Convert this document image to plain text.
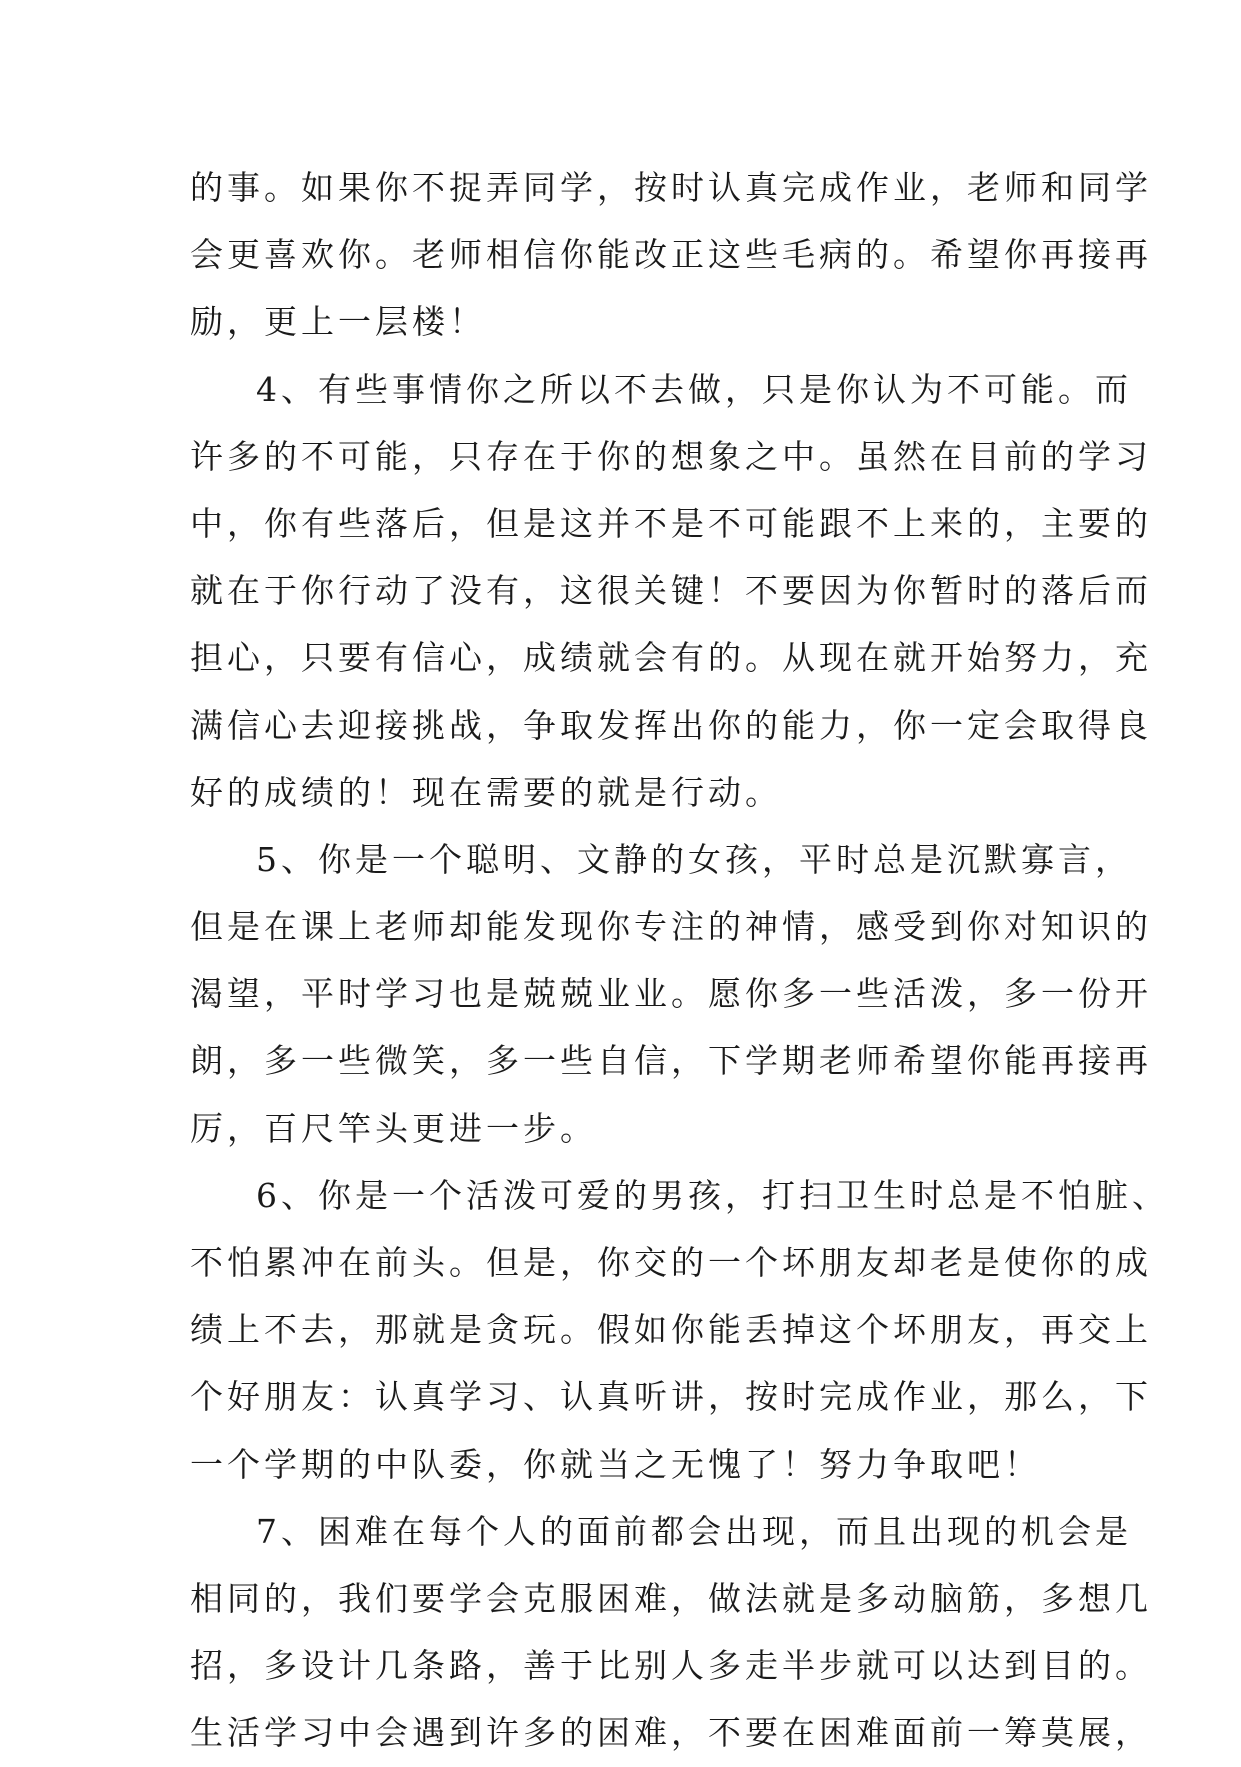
的事。如果你不捉弄同学，按时认真完成作业，老师和同学
会更喜欢你。老师相信你能改正这些毛病的。希望你再接再
励，更上一层楼！
4、有些事情你之所以不去做，只是你认为不可能。而
许多的不可能，只存在于你的想象之中。虽然在目前的学习
中，你有些落后，但是这并不是不可能跟不上来的，主要的
就在于你行动了没有，这很关键！不要因为你暂时的落后而
担心，只要有信心，成绩就会有的。从现在就开始努力，充
满信心去迎接挑战，争取发挥出你的能力，你一定会取得良
好的成绩的！现在需要的就是行动。
5、你是一个聪明、文静的女孩，平时总是沉默寡言，
但是在课上老师却能发现你专注的神情，感受到你对知识的
渴望，平时学习也是兢兢业业。愿你多一些活泼，多一份开
朗，多一些微笑，多一些自信，下学期老师希望你能再接再
厉，百尺竿头更进一步。
6、你是一个活泼可爱的男孩，打扫卫生时总是不怕脏、
不怕累冲在前头。但是，你交的一个坏朋友却老是使你的成
绩上不去，那就是贪玩。假如你能丢掉这个坏朋友，再交上
个好朋友：认真学习、认真听讲，按时完成作业，那么，下
一个学期的中队委，你就当之无愧了！努力争取吧！
7、困难在每个人的面前都会出现，而且出现的机会是
相同的，我们要学会克服困难，做法就是多动脑筋，多想几
招，多设计几条路，善于比别人多走半步就可以达到目的。
生活学习中会遇到许多的困难，不要在困难面前一筹莫展，
